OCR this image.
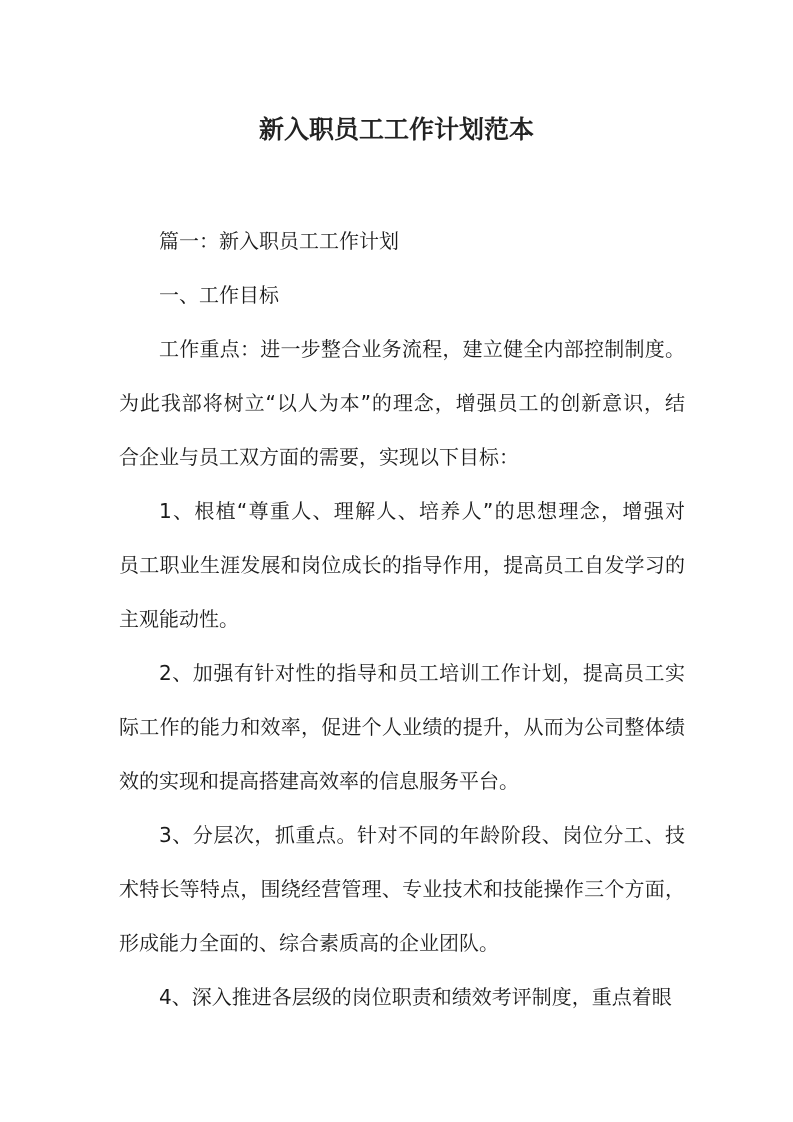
新入职员工工作计划范本
篇一：新入职员工工作计划
一、工作目标
工作重点：进一步整合业务流程，建立健全内部控制制度。
为此我部将树立“以人为本”的理念，增强员工的创新意识，结
合企业与员工双方面的需要，实现以下目标：
1、根植“尊重人、理解人、培养人”的思想理念，增强对
员工职业生涯发展和岗位成长的指导作用，提高员工自发学习的
主观能动性。
2、加强有针对性的指导和员工培训工作计划，提高员工实
际工作的能力和效率，促进个人业绩的提升，从而为公司整体绩
效的实现和提高搭建高效率的信息服务平台。
3、分层次，抓重点。针对不同的年龄阶段、岗位分工、技
术特长等特点，围绕经营管理、专业技术和技能操作三个方面，
形成能力全面的、综合素质高的企业团队。
4、深入推进各层级的岗位职责和绩效考评制度，重点着眼
